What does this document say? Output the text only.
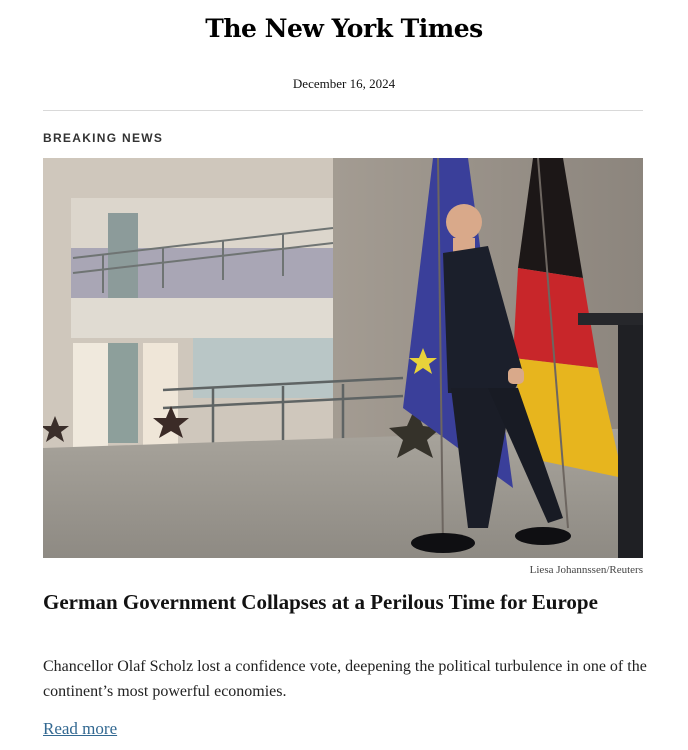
The New York Times
December 16, 2024
BREAKING NEWS
Liesa Johannssen/Reuters
German Government Collapses at a Perilous Time for Europe
Chancellor Olaf Scholz lost a confidence vote, deepening the political turbulence in one of the continent’s most powerful economies.
Read more
